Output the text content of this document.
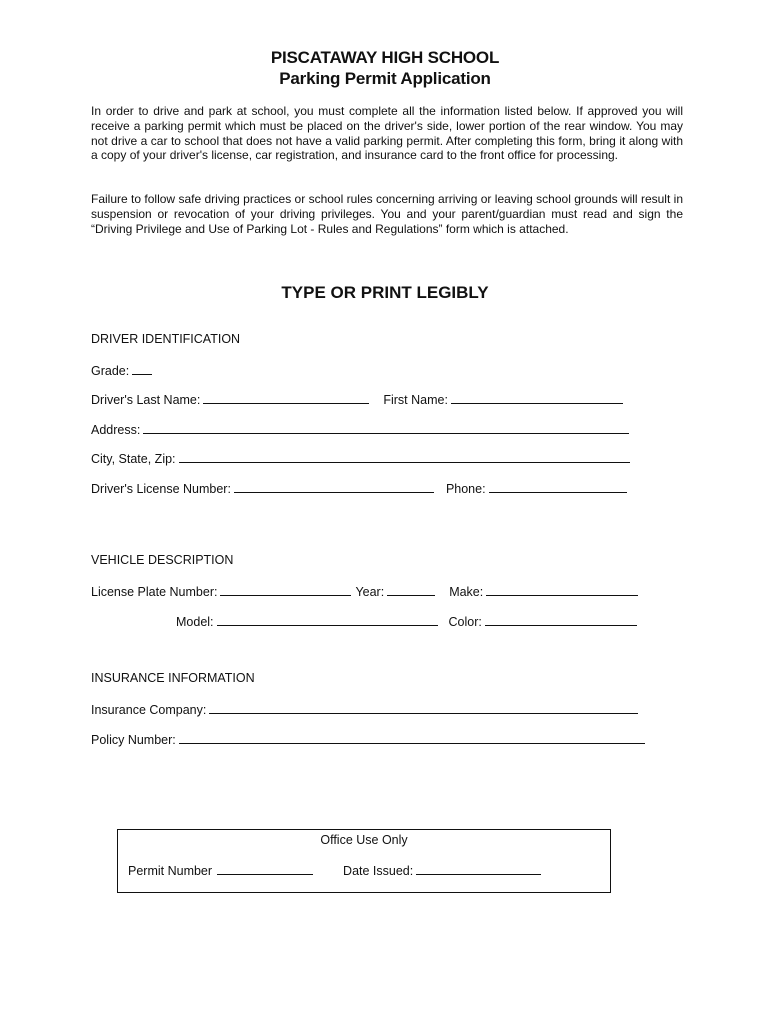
PISCATAWAY HIGH SCHOOL
Parking Permit Application
In order to drive and park at school, you must complete all the information listed below. If approved you will receive a parking permit which must be placed on the driver's side, lower portion of the rear window. You may not drive a car to school that does not have a valid parking permit. After completing this form, bring it along with a copy of your driver's license, car registration, and insurance card to the front office for processing.
Failure to follow safe driving practices or school rules concerning arriving or leaving school grounds will result in suspension or revocation of your driving privileges. You and your parent/guardian must read and sign the “Driving Privilege and Use of Parking Lot - Rules and Regulations” form which is attached.
TYPE OR PRINT LEGIBLY
DRIVER IDENTIFICATION
Grade:
Driver's Last Name:	First Name:
Address:
City, State, Zip:
Driver's License Number:	Phone:
VEHICLE DESCRIPTION
License Plate Number:	Year:	Make:
Model:	Color:
INSURANCE INFORMATION
Insurance Company:
Policy Number:
Office Use Only
Permit Number	Date Issued:
